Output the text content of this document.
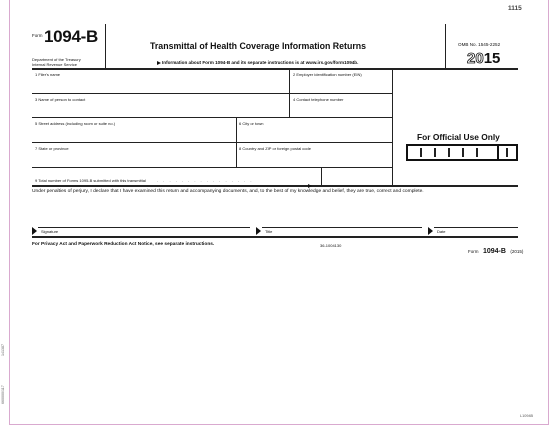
1115
Form 1094-B
Department of the Treasury
Internal Revenue Service
Transmittal of Health Coverage Information Returns
Information about Form 1094-B and its separate instructions is at www.irs.gov/form1094b.
OMB No. 1545-2252
2015
1 Filer's name	2 Employer identification number (EIN)
3 Name of person to contact	4 Contact telephone number
5 Street address (including room or suite no.)	6 City or town
7 State or province	8 Country and ZIP or foreign postal code
9 Total number of Forms 1095-B submitted with this transmittal	. . . . . . . . . . . . . . . .
For Official Use Only
Under penalties of perjury, I declare that I have examined this return and accompanying documents, and, to the best of my knowledge and belief, they are true, correct and complete.
Signature	Title	Date
For Privacy Act and Paperwork Reduction Act Notice, see separate instructions.	36-1004130
Form 1094-B (2015)
141387
660000/117
L1094B
